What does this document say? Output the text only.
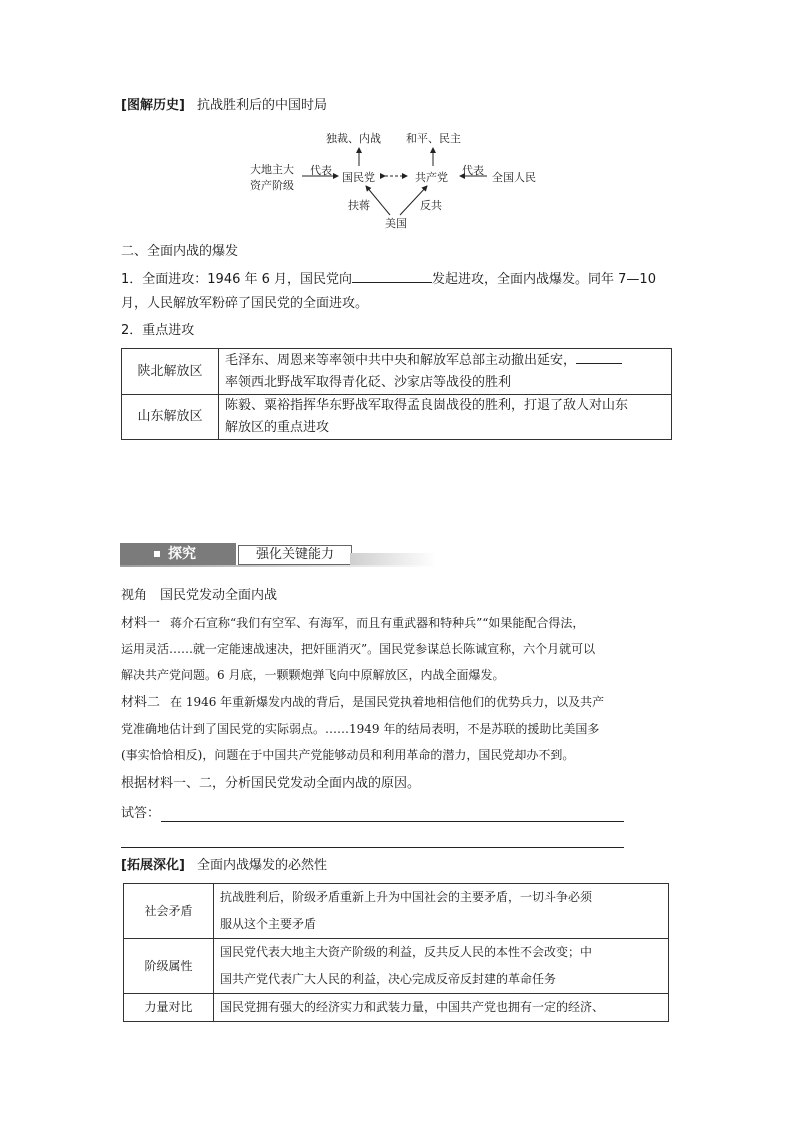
[图解历史] 抗战胜利后的中国时局
独裁、内战 和平、民主
大地主大
资产阶级
代表
国民党	共产党
代表
全国人民
扶蒋	反共
美国
二、全面内战的爆发
1．全面进攻：1946 年 6 月，国民党向	发起进攻，全面内战爆发。同年 7—10
月，人民解放军粉碎了国民党的全面进攻。
2．重点进攻
陕北解放区	毛泽东、周恩来等率领中共中央和解放军总部主动撤出延安，
率领西北野战军取得青化砭、沙家店等战役的胜利

山东解放区	陈毅、粟裕指挥华东野战军取得孟良崮战役的胜利，打退了敌人对山东
解放区的重点进攻
探究	强化关键能力
视角　国民党发动全面内战
材料一 蒋介石宣称“我们有空军、有海军，而且有重武器和特种兵”“如果能配合得法，
运用灵活……就一定能速战速决，把奸匪消灭”。国民党参谋总长陈诚宣称，六个月就可以
解决共产党问题。6 月底，一颗颗炮弹飞向中原解放区，内战全面爆发。
材料二 在 1946 年重新爆发内战的背后，是国民党执着地相信他们的优势兵力，以及共产
党准确地估计到了国民党的实际弱点。……1949 年的结局表明，不是苏联的援助比美国多
(事实恰恰相反)，问题在于中国共产党能够动员和利用革命的潜力，国民党却办不到。
根据材料一、二，分析国民党发动全面内战的原因。
试答：
[拓展深化] 全面内战爆发的必然性
社会矛盾	抗战胜利后，阶级矛盾重新上升为中国社会的主要矛盾，一切斗争必须
服从这个主要矛盾

阶级属性	国民党代表大地主大资产阶级的利益，反共反人民的本性不会改变；中
国共产党代表广大人民的利益，决心完成反帝反封建的革命任务

力量对比	国民党拥有强大的经济实力和武装力量，中国共产党也拥有一定的经济、
